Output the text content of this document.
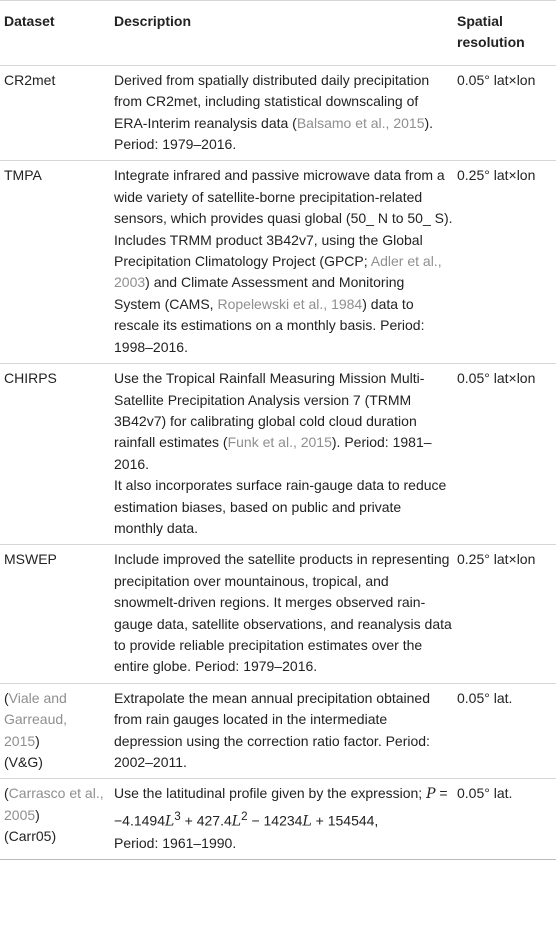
Dataset	Description	Spatial
resolution

CR2met	Derived from spatially distributed daily precipitation from CR2met, including statistical downscaling of ERA-Interim reanalysis data (Balsamo et al., 2015). Period: 1979–2016.	0.05° lat×lon
TMPA	Integrate infrared and passive microwave data from a wide variety of satellite-borne precipitation-related sensors, which provides quasi global (50_ N to 50_ S). Includes TRMM product 3B42v7, using the Global Precipitation Climatology Project (GPCP; Adler et al., 2003) and Climate Assessment and Monitoring System (CAMS, Ropelewski et al., 1984) data to rescale its estimations on a monthly basis. Period: 1998–2016.	0.25° lat×lon
CHIRPS	Use the Tropical Rainfall Measuring Mission Multi-Satellite Precipitation Analysis version 7 (TRMM 3B42v7) for calibrating global cold cloud duration rainfall estimates (Funk et al., 2015). Period: 1981–2016.
It also incorporates surface rain-gauge data to reduce estimation biases, based on public and private monthly data.	0.05° lat×lon
MSWEP	Include improved the satellite products in representing precipitation over mountainous, tropical, and snowmelt-driven regions. It merges observed rain-gauge data, satellite observations, and reanalysis data to provide reliable precipitation estimates over the entire globe. Period: 1979–2016.	0.25° lat×lon
(Viale and Garreaud, 2015)
(V&G)	Extrapolate the mean annual precipitation obtained from rain gauges located in the intermediate depression using the correction ratio factor. Period: 2002–2011.	0.05° lat.
(Carrasco et al., 2005)
(Carr05)	Use the latitudinal profile given by the expression; P =
$-4.1494L^3 + 427.4L^2 - 14234L + 154544$,
Period: 1961–1990.	0.05° lat.
